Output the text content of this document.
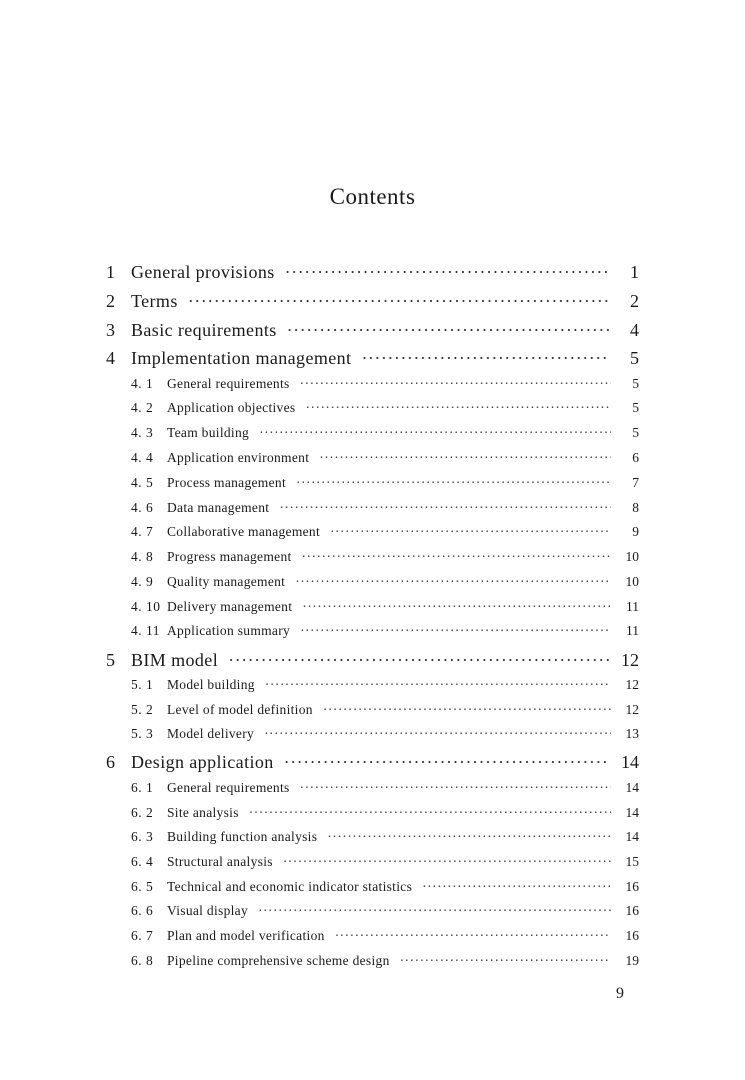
Contents
1 General provisions ·····	1
2 Terms ·····	2
3 Basic requirements ·····	4
4 Implementation management ·····	5
4. 1	General requirements ·····	5
4. 2	Application objectives ·····	5
4. 3	Team building ·····	5
4. 4	Application environment ·····	6
4. 5	Process management ·····	7
4. 6	Data management ·····	8
4. 7	Collaborative management ·····	9
4. 8	Progress management ·····	10
4. 9	Quality management ·····	10
4. 10 Delivery management ·····	11
4. 11 Application summary ·····	11
5 BIM model ·····	12
5. 1	Model building ·····	12
5. 2	Level of model definition ·····	12
5. 3	Model delivery ·····	13
6 Design application ·····	14
6. 1	General requirements ·····	14
6. 2	Site analysis ·····	14
6. 3	Building function analysis ·····	14
6. 4	Structural analysis ·····	15
6. 5	Technical and economic indicator statistics ·····	16
6. 6	Visual display ·····	16
6. 7	Plan and model verification ·····	16
6. 8	Pipeline comprehensive scheme design ·····	19
9
